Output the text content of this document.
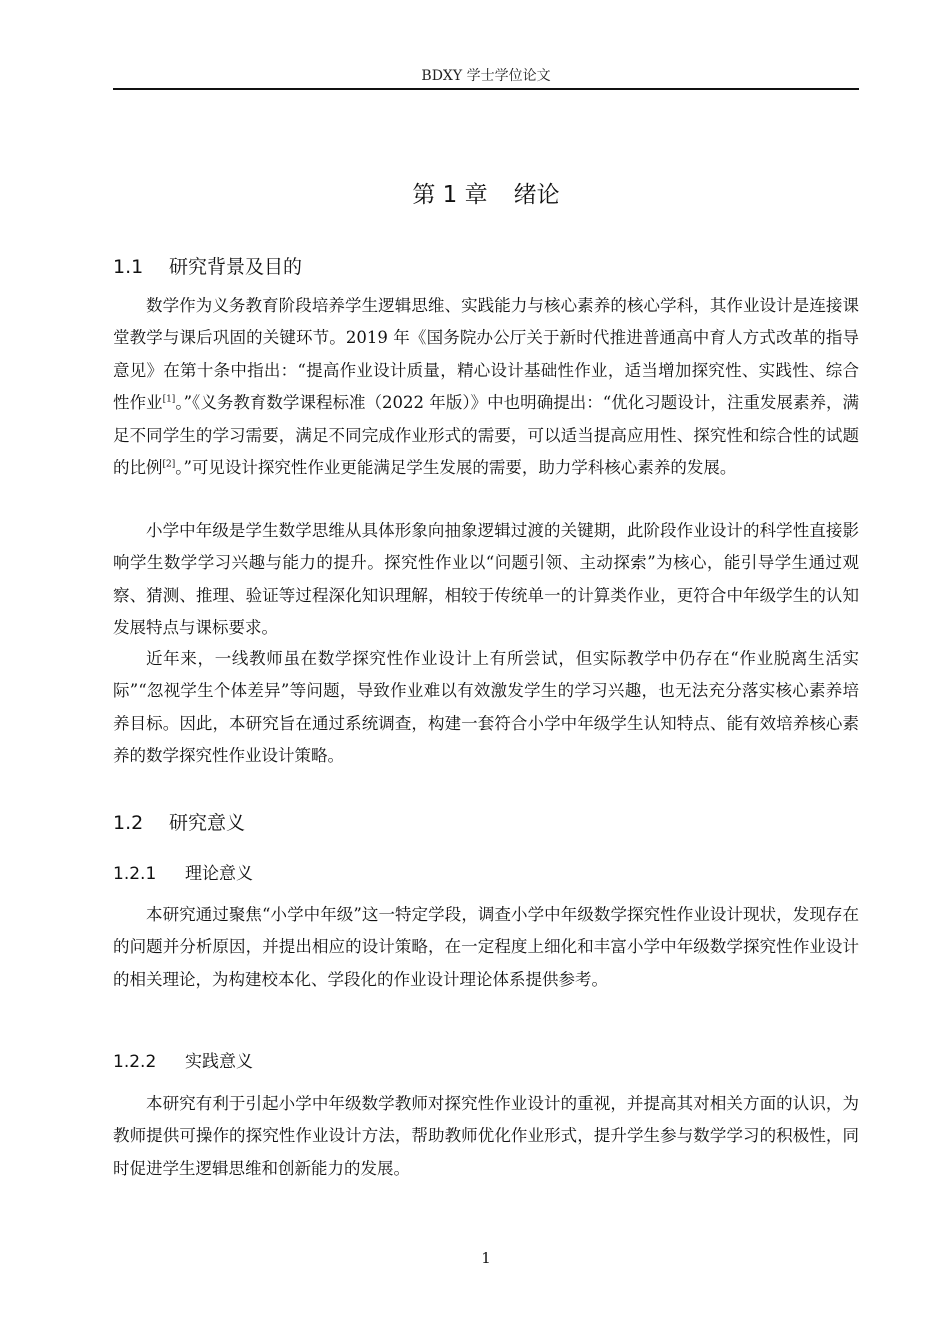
BDXY 学士学位论文
第 1 章 绪论
1.1 研究背景及目的

数学作为义务教育阶段培养学生逻辑思维、实践能力与核心素养的核心学科，其作业设计是连接课堂教学与课后巩固的关键环节。2019 年《国务院办公厅关于新时代推进普通高中育人方式改革的指导意见》在第十条中指出：“提高作业设计质量，精心设计基础性作业，适当增加探究性、实践性、综合性作业[1]。”《义务教育数学课程标准（2022 年版）》中也明确提出：“优化习题设计，注重发展素养，满足不同学生的学习需要，满足不同完成作业形式的需要，可以适当提高应用性、探究性和综合性的试题的比例[2]。”可见设计探究性作业更能满足学生发展的需要，助力学科核心素养的发展。

小学中年级是学生数学思维从具体形象向抽象逻辑过渡的关键期，此阶段作业设计的科学性直接影响学生数学学习兴趣与能力的提升。探究性作业以“问题引领、主动探索”为核心，能引导学生通过观察、猜测、推理、验证等过程深化知识理解，相较于传统单一的计算类作业，更符合中年级学生的认知发展特点与课标要求。

近年来，一线教师虽在数学探究性作业设计上有所尝试，但实际教学中仍存在“作业脱离生活实际”“忽视学生个体差异”等问题，导致作业难以有效激发学生的学习兴趣，也无法充分落实核心素养培养目标。因此，本研究旨在通过系统调查，构建一套符合小学中年级学生认知特点、能有效培养核心素养的数学探究性作业设计策略。

1.2 研究意义
1.2.1 理论意义

本研究通过聚焦“小学中年级”这一特定学段，调查小学中年级数学探究性作业设计现状，发现存在的问题并分析原因，并提出相应的设计策略，在一定程度上细化和丰富小学中年级数学探究性作业设计的相关理论，为构建校本化、学段化的作业设计理论体系提供参考。

1.2.2 实践意义

本研究有利于引起小学中年级数学教师对探究性作业设计的重视，并提高其对相关方面的认识，为教师提供可操作的探究性作业设计方法，帮助教师优化作业形式，提升学生参与数学学习的积极性，同时促进学生逻辑思维和创新能力的发展。

1
